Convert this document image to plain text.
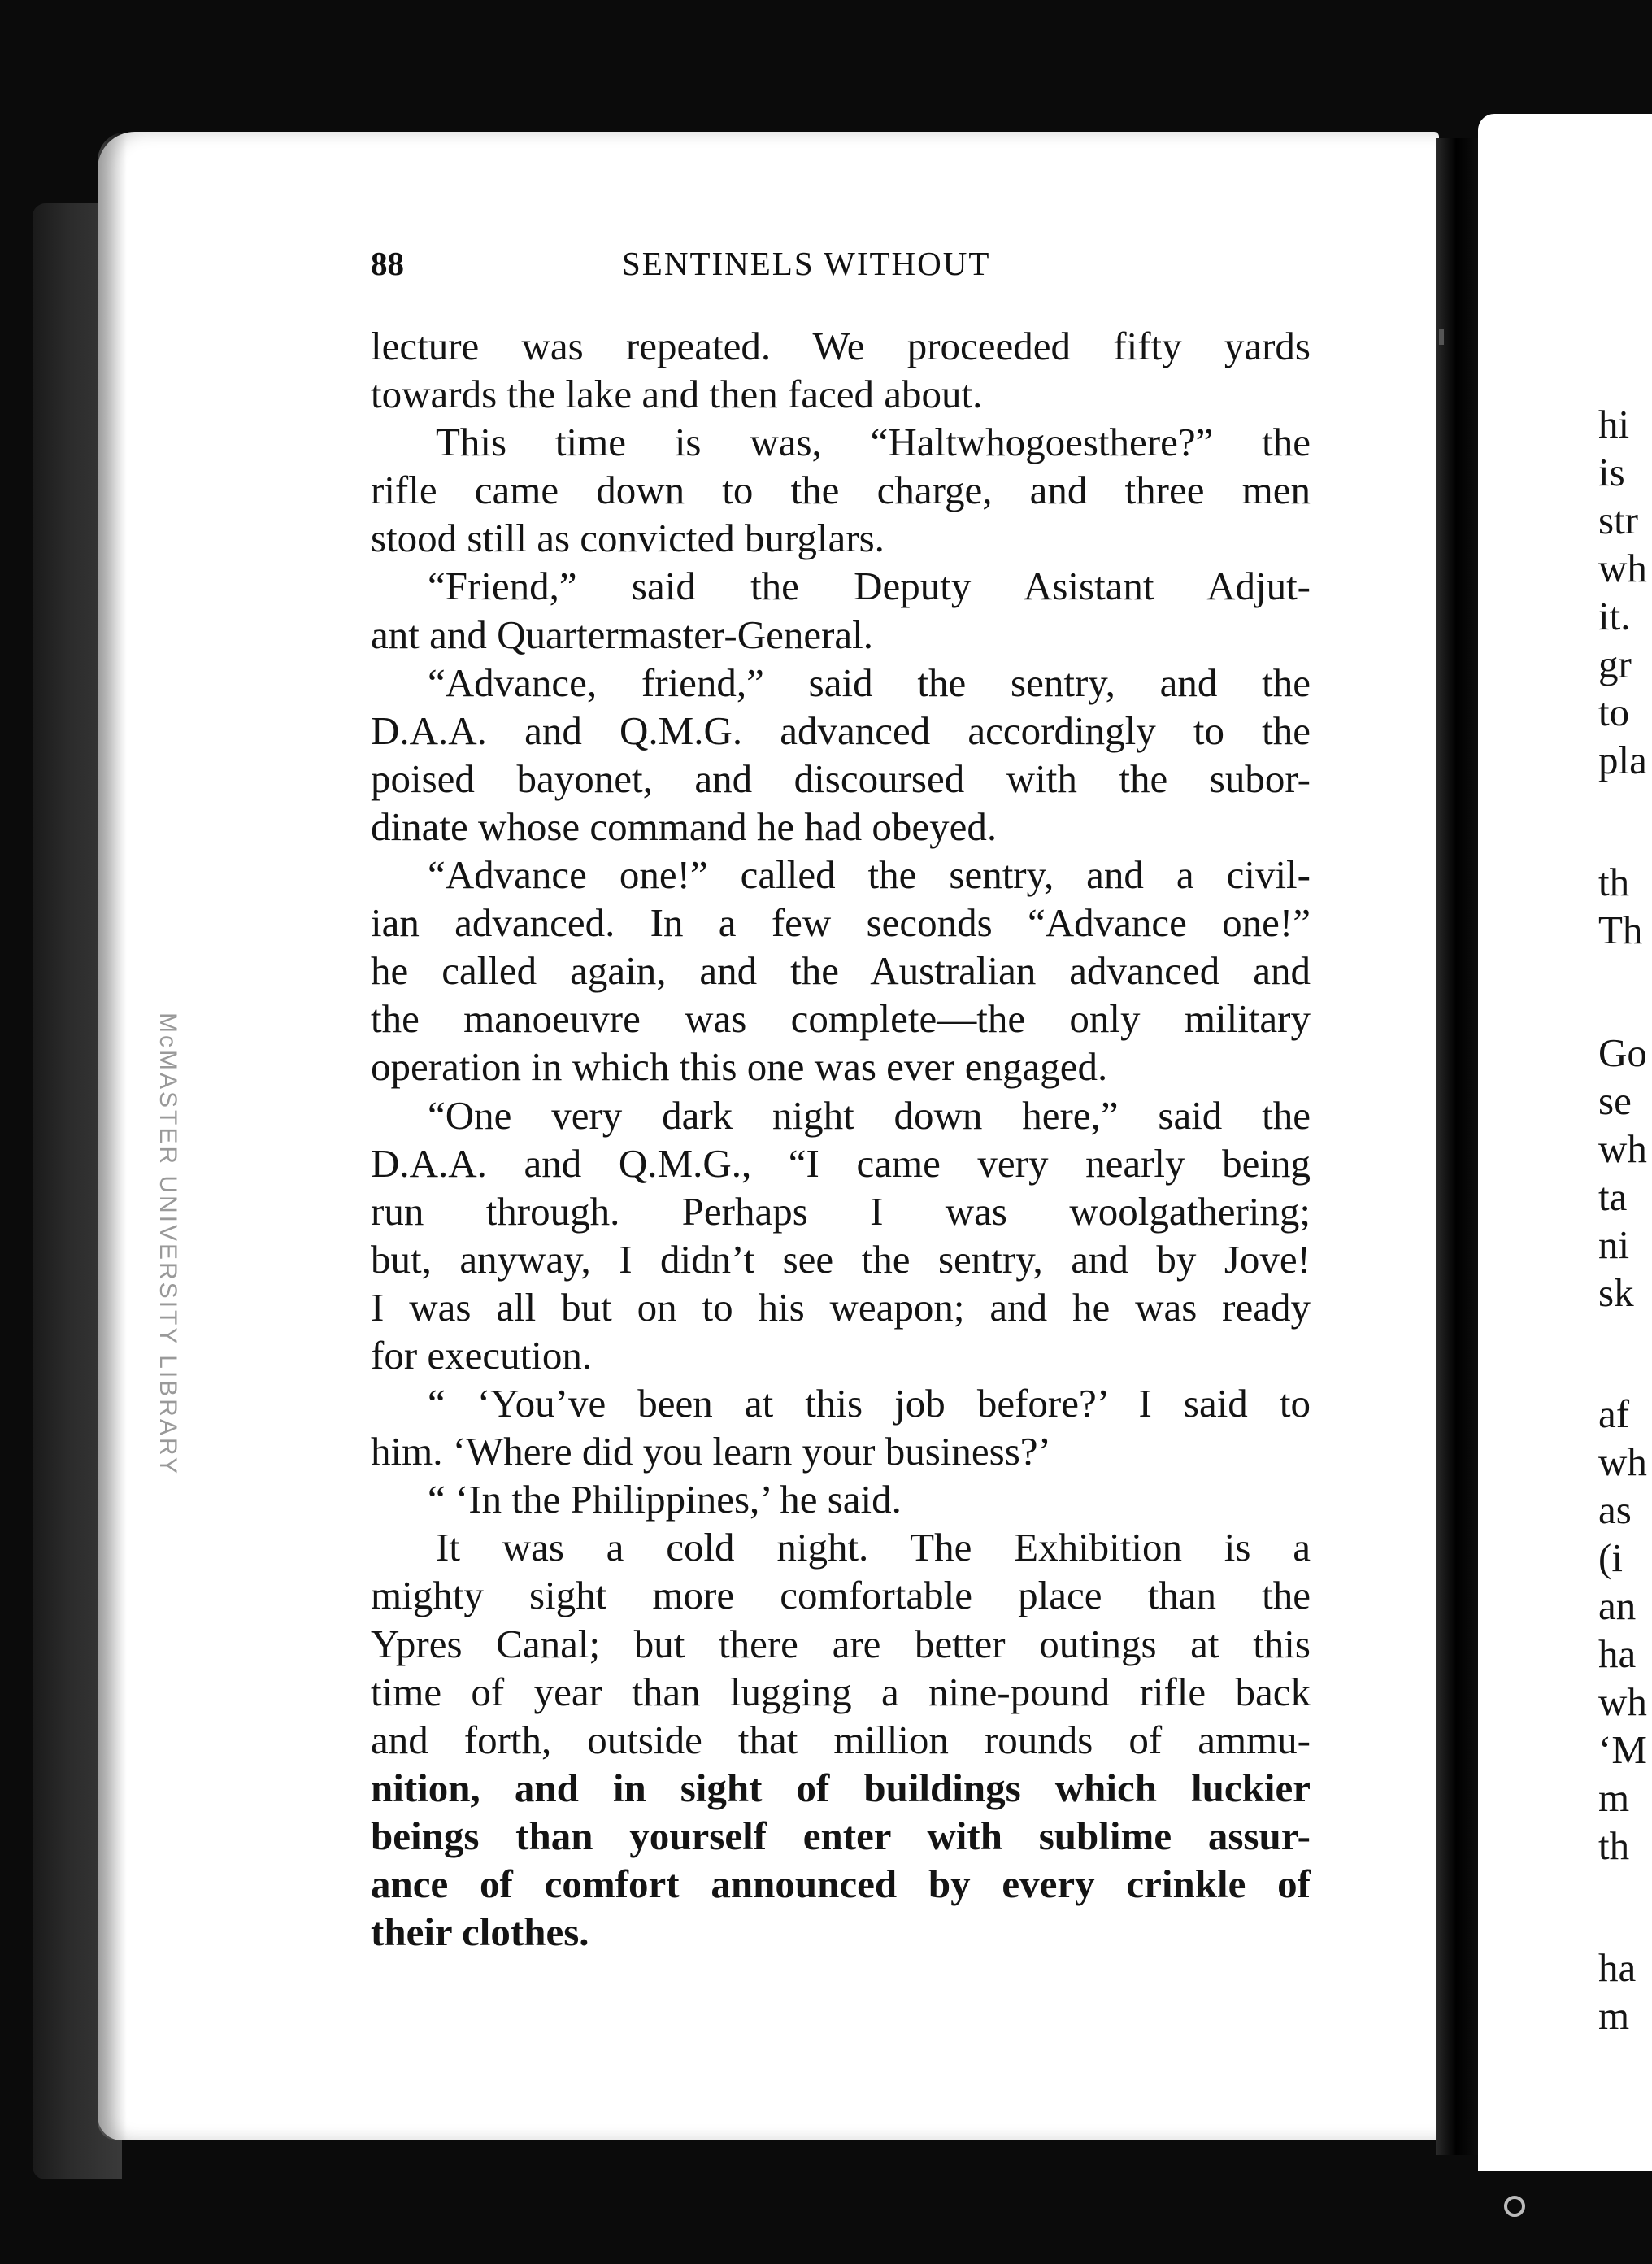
McMASTER UNIVERSITY LIBRARY
88	SENTINELS WITHOUT
lecture was repeated. We proceeded fifty yards
towards the lake and then faced about.
This time is was, “Haltwhogoesthere?” the
rifle came down to the charge, and three men
stood still as convicted burglars.
“Friend,” said the Deputy Asistant Adjut-
ant and Quartermaster-General.
“Advance, friend,” said the sentry, and the
D.A.A. and Q.M.G. advanced accordingly to the
poised bayonet, and discoursed with the subor-
dinate whose command he had obeyed.
“Advance one!” called the sentry, and a civil-
ian advanced. In a few seconds “Advance one!”
he called again, and the Australian advanced and
the manoeuvre was complete—the only military
operation in which this one was ever engaged.
“One very dark night down here,” said the
D.A.A. and Q.M.G., “I came very nearly being
run through. Perhaps I was woolgathering;
but, anyway, I didn’t see the sentry, and by Jove!
I was all but on to his weapon; and he was ready
for execution.
“ ‘You’ve been at this job before?’ I said to
him. ‘Where did you learn your business?’
“ ‘In the Philippines,’ he said.
It was a cold night. The Exhibition is a
mighty sight more comfortable place than the
Ypres Canal; but there are better outings at this
time of year than lugging a nine-pound rifle back
and forth, outside that million rounds of ammu-
nition, and in sight of buildings which luckier
beings than yourself enter with sublime assur-
ance of comfort announced by every crinkle of
their clothes.
hi
is
str
wh
it.
gr
to
pla
th
Th
Go
se
wh
ta
ni
sk
af
wh
as
(i
an
ha
wh
‘M
m
th
ha
m
